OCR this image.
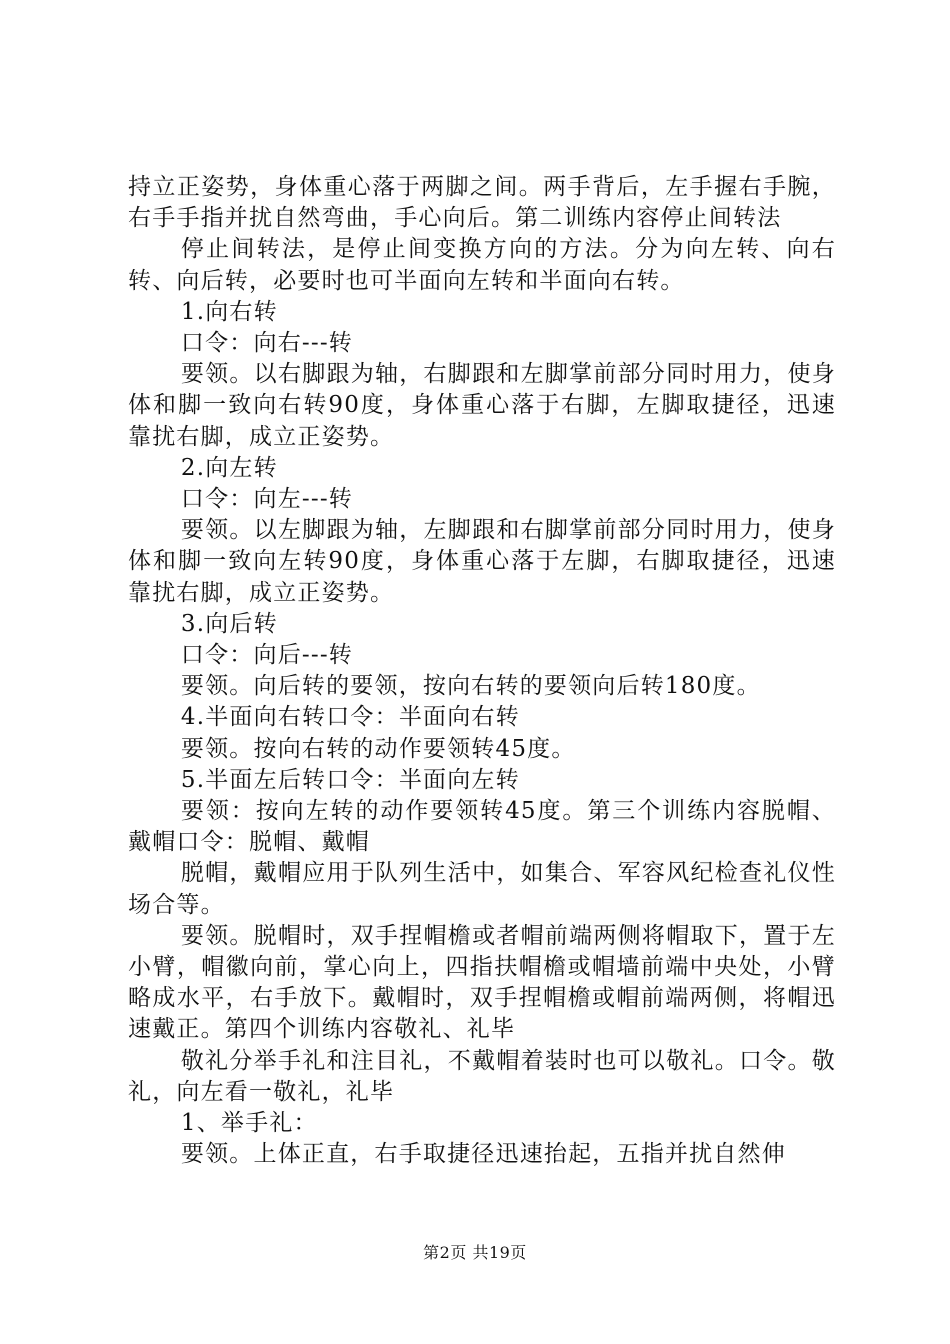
持立正姿势，身体重心落于两脚之间。两手背后，左手握右手腕，右手手指并扰自然弯曲，手心向后。第二训练内容停止间转法

停止间转法，是停止间变换方向的方法。分为向左转、向右转、向后转，必要时也可半面向左转和半面向右转。

1.向右转

口令：向右---转

要领。以右脚跟为轴，右脚跟和左脚掌前部分同时用力，使身体和脚一致向右转90度，身体重心落于右脚，左脚取捷径，迅速靠扰右脚，成立正姿势。

2.向左转

口令：向左---转

要领。以左脚跟为轴，左脚跟和右脚掌前部分同时用力，使身体和脚一致向左转90度，身体重心落于左脚，右脚取捷径，迅速靠扰右脚，成立正姿势。

3.向后转

口令：向后---转

要领。向后转的要领，按向右转的要领向后转180度。

4.半面向右转口令：半面向右转

要领。按向右转的动作要领转45度。

5.半面左后转口令：半面向左转

要领：按向左转的动作要领转45度。第三个训练内容脱帽、戴帽口令：脱帽、戴帽

脱帽，戴帽应用于队列生活中，如集合、军容风纪检查礼仪性场合等。

要领。脱帽时，双手捏帽檐或者帽前端两侧将帽取下，置于左小臂，帽徽向前，掌心向上，四指扶帽檐或帽墙前端中央处，小臂略成水平，右手放下。戴帽时，双手捏帽檐或帽前端两侧，将帽迅速戴正。第四个训练内容敬礼、礼毕

敬礼分举手礼和注目礼，不戴帽着装时也可以敬礼。口令。敬礼，向左看一敬礼，礼毕

1、举手礼：

要领。上体正直，右手取捷径迅速抬起，五指并扰自然伸

第2页 共19页
